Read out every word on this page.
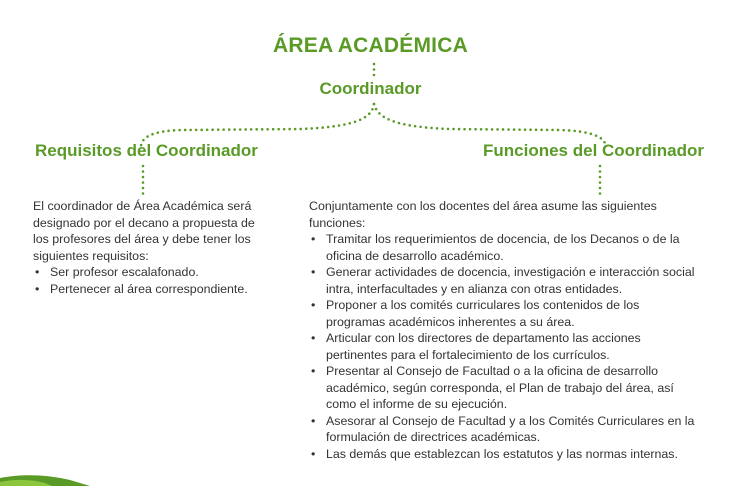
ÁREA ACADÉMICA
Coordinador
Requisitos del Coordinador	Funciones del Coordinador

El coordinador de Área Académica será designado por el decano a propuesta de los profesores del área y debe tener los siguientes requisitos:

• Ser profesor escalafonado.
• Pertenecer al área correspondiente.

Conjuntamente con los docentes del área asume las siguientes funciones:

• Tramitar los requerimientos de docencia, de los Decanos o de la oficina de desarrollo académico.
• Generar actividades de docencia, investigación e interacción social intra, interfacultades y en alianza con otras entidades.
• Proponer a los comités curriculares los contenidos de los programas académicos inherentes a su área.
• Articular con los directores de departamento las acciones pertinentes para el fortalecimiento de los currículos.
• Presentar al Consejo de Facultad o a la oficina de desarrollo académico, según corresponda, el Plan de trabajo del área, así como el informe de su ejecución.
• Asesorar al Consejo de Facultad y a los Comités Curriculares en la formulación de directrices académicas.
• Las demás que establezcan los estatutos y las normas internas.
